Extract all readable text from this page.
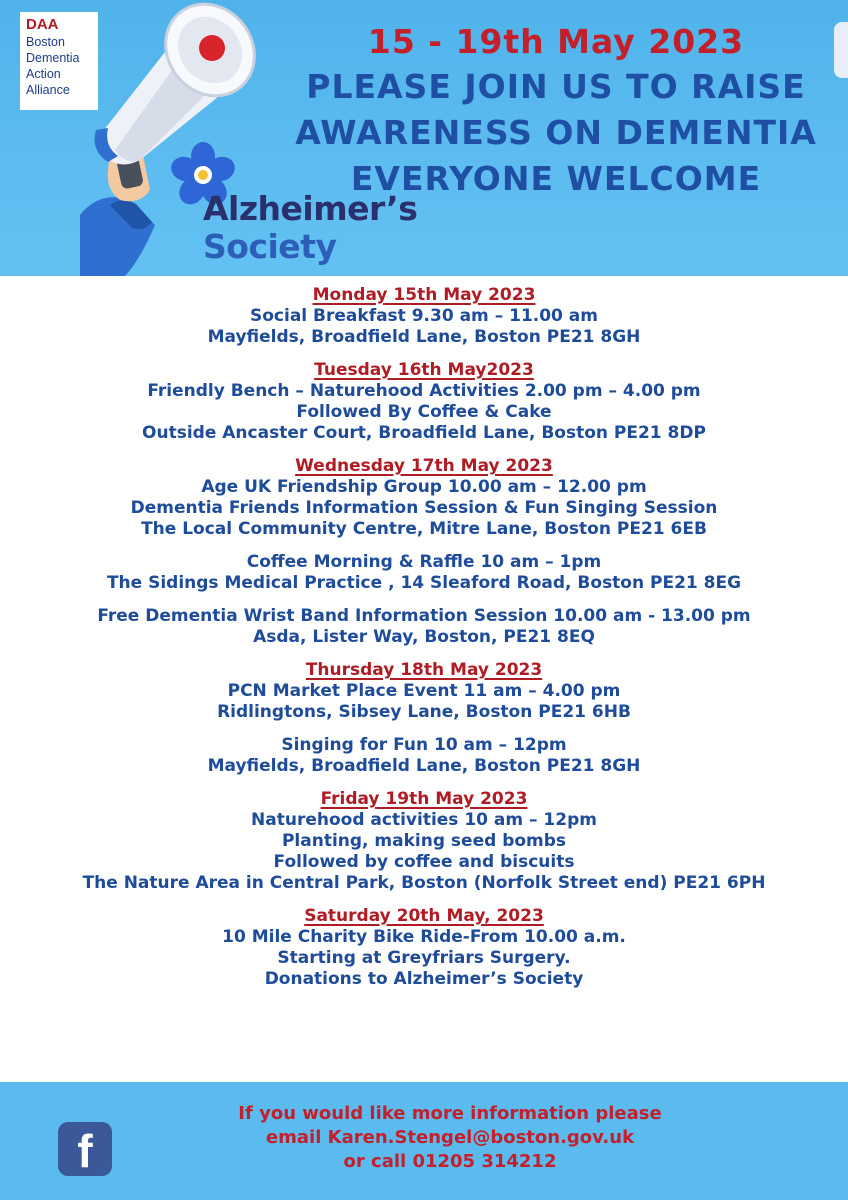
DAA
Boston
Dementia
Action
Alliance
Alzheimer’s
Society
15 - 19th May 2023
PLEASE JOIN US TO RAISE
AWARENESS ON DEMENTIA
EVERYONE WELCOME
Monday 15th May 2023
Social Breakfast 9.30 am – 11.00 am
Mayfields, Broadfield Lane, Boston PE21 8GH
Tuesday 16th May2023
Friendly Bench – Naturehood Activities 2.00 pm – 4.00 pm
Followed By Coffee & Cake
Outside Ancaster Court, Broadfield Lane, Boston PE21 8DP
Wednesday 17th May 2023
Age UK Friendship Group 10.00 am – 12.00 pm
Dementia Friends Information Session & Fun Singing Session
The Local Community Centre, Mitre Lane, Boston PE21 6EB
Coffee Morning & Raffle 10 am – 1pm
The Sidings Medical Practice , 14 Sleaford Road, Boston PE21 8EG
Free Dementia Wrist Band Information Session 10.00 am - 13.00 pm
Asda, Lister Way, Boston, PE21 8EQ
Thursday 18th May 2023
PCN Market Place Event 11 am – 4.00 pm
Ridlingtons, Sibsey Lane, Boston PE21 6HB
Singing for Fun 10 am – 12pm
Mayfields, Broadfield Lane, Boston PE21 8GH
Friday 19th May 2023
Naturehood activities 10 am – 12pm
Planting, making seed bombs
Followed by coffee and biscuits
The Nature Area in Central Park, Boston (Norfolk Street end) PE21 6PH
Saturday 20th May, 2023
10 Mile Charity Bike Ride-From 10.00 a.m.
Starting at Greyfriars Surgery.
Donations to Alzheimer’s Society
f
If you would like more information please
email Karen.Stengel@boston.gov.uk
or call 01205 314212
